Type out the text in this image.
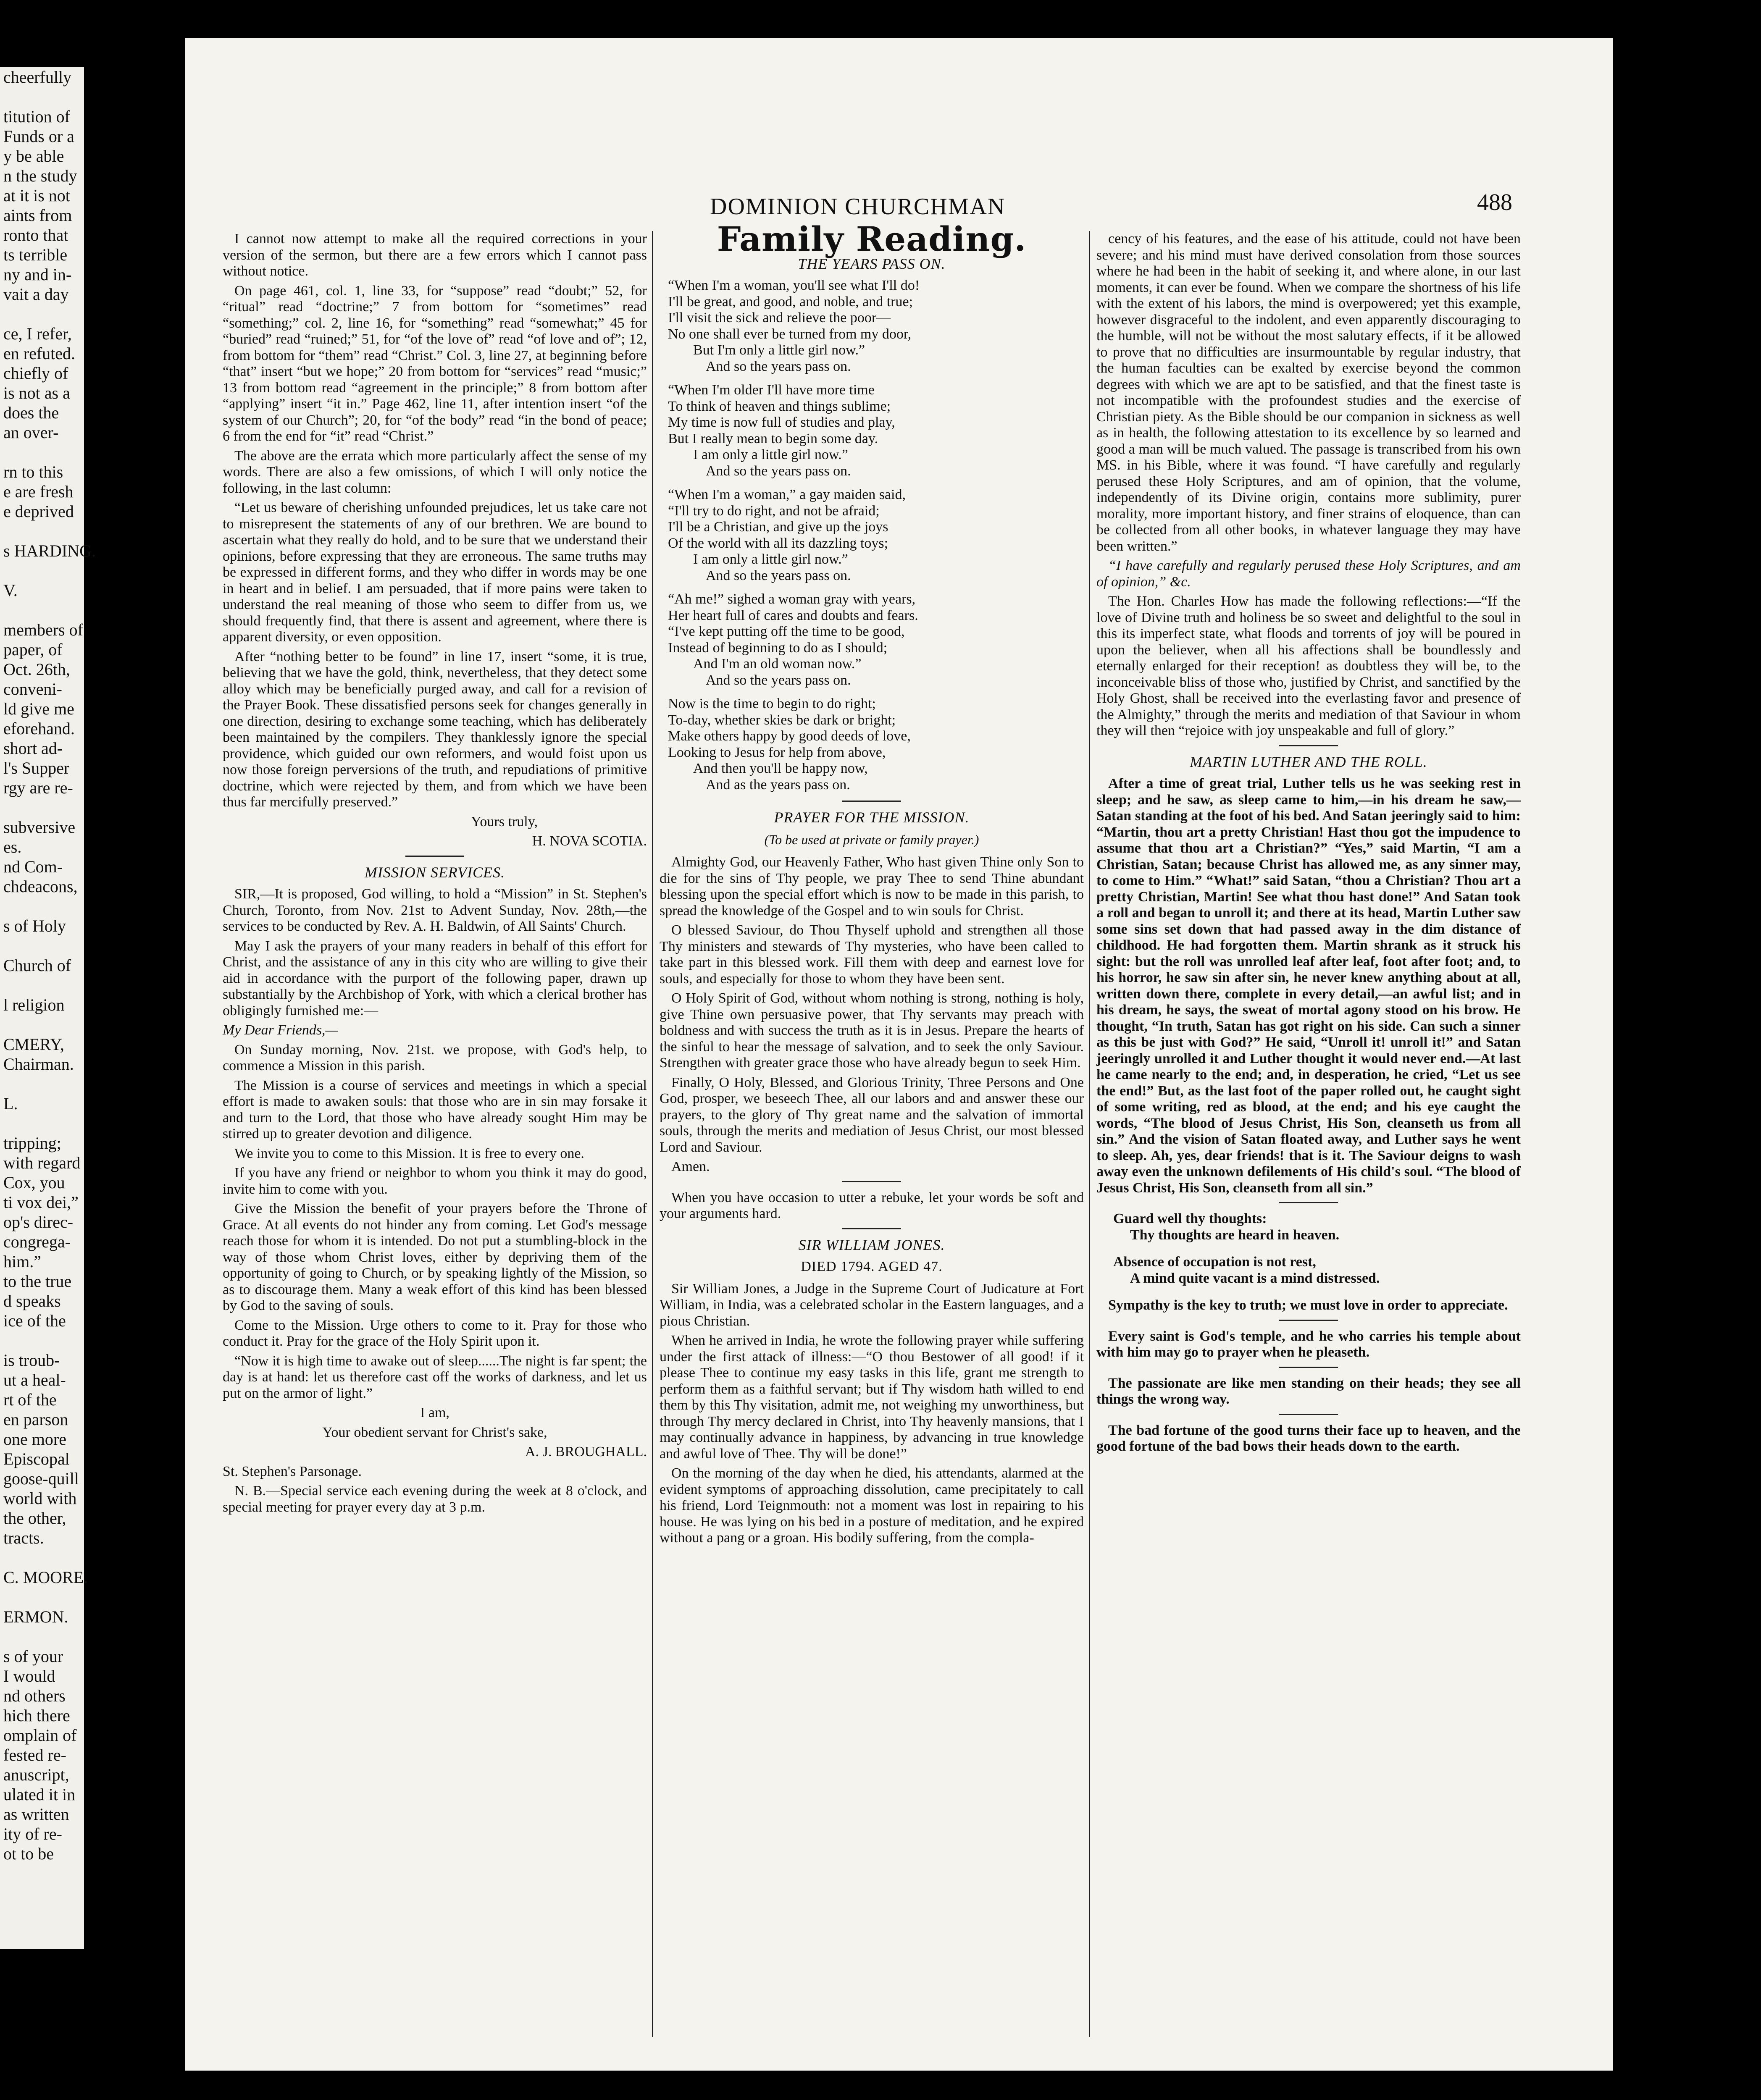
cheerfully

titution of

Funds or a

y be able

n the study

at it is not

aints from

ronto that

ts terrible

ny and in-

vait a day

ce, I refer,

en refuted.

chiefly of

is not as a

does the

an over-

rn to this

e are fresh

e deprived

s HARDING.

V.

members of

paper, of

Oct. 26th,

conveni-

ld give me

eforehand.

short ad-

l's Supper

rgy are re-

subversive

es.

nd Com-

chdeacons,

s of Holy

Church of

l religion

CMERY,

Chairman.

L.

tripping;

with regard

Cox, you

ti vox dei,”

op's direc-

congrega-

him.”

to the true

d speaks

ice of the

is troub-

ut a heal-

rt of the

en parson

one more

Episcopal

goose-quill

world with

the other,

tracts.

C. MOORE.

ERMON.

s of your

I would

nd others

hich there

omplain of

fested re-

anuscript,

ulated it in

as written

ity of re-

ot to be

DOMINION CHURCHMAN	488

I cannot now attempt to make all the required corrections in your version of the sermon, but there are a few errors which I cannot pass without notice.

On page 461, col. 1, line 33, for “suppose” read “doubt;” 52, for “ritual” read “doctrine;” 7 from bottom for “sometimes” read “something;” col. 2, line 16, for “something” read “somewhat;” 45 for “buried” read “ruined;” 51, for “of the love of” read “of love and of”; 12, from bottom for “them” read “Christ.” Col. 3, line 27, at beginning before “that” insert “but we hope;” 20 from bottom for “services” read “music;” 13 from bottom read “agreement in the principle;” 8 from bottom after “applying” insert “it in.” Page 462, line 11, after intention insert “of the system of our Church”; 20, for “of the body” read “in the bond of peace; 6 from the end for “it” read “Christ.”

The above are the errata which more particularly affect the sense of my words. There are also a few omissions, of which I will only notice the following, in the last column:

“Let us beware of cherishing unfounded prejudices, let us take care not to misrepresent the statements of any of our brethren. We are bound to ascertain what they really do hold, and to be sure that we understand their opinions, before expressing that they are erroneous. The same truths may be expressed in different forms, and they who differ in words may be one in heart and in belief. I am persuaded, that if more pains were taken to understand the real meaning of those who seem to differ from us, we should frequently find, that there is assent and agreement, where there is apparent diversity, or even opposition.

After “nothing better to be found” in line 17, insert “some, it is true, believing that we have the gold, think, nevertheless, that they detect some alloy which may be beneficially purged away, and call for a revision of the Prayer Book. These dissatisfied persons seek for changes generally in one direction, desiring to exchange some teaching, which has deliberately been maintained by the compilers. They thanklessly ignore the special providence, which guided our own reformers, and would foist upon us now those foreign perversions of the truth, and repudiations of primitive doctrine, which were rejected by them, and from which we have been thus far mercifully preserved.”

Yours truly,

H. NOVA SCOTIA.

MISSION SERVICES.

SIR,—It is proposed, God willing, to hold a “Mission” in St. Stephen's Church, Toronto, from Nov. 21st to Advent Sunday, Nov. 28th,—the services to be conducted by Rev. A. H. Baldwin, of All Saints' Church.

May I ask the prayers of your many readers in behalf of this effort for Christ, and the assistance of any in this city who are willing to give their aid in accordance with the purport of the following paper, drawn up substantially by the Archbishop of York, with which a clerical brother has obligingly furnished me:—

My Dear Friends,—

On Sunday morning, Nov. 21st. we propose, with God's help, to commence a Mission in this parish.

The Mission is a course of services and meetings in which a special effort is made to awaken souls: that those who are in sin may forsake it and turn to the Lord, that those who have already sought Him may be stirred up to greater devotion and diligence.

We invite you to come to this Mission. It is free to every one.

If you have any friend or neighbor to whom you think it may do good, invite him to come with you.

Give the Mission the benefit of your prayers before the Throne of Grace. At all events do not hinder any from coming. Let God's message reach those for whom it is intended. Do not put a stumbling-block in the way of those whom Christ loves, either by depriving them of the opportunity of going to Church, or by speaking lightly of the Mission, so as to discourage them. Many a weak effort of this kind has been blessed by God to the saving of souls.

Come to the Mission. Urge others to come to it. Pray for those who conduct it. Pray for the grace of the Holy Spirit upon it.

“Now it is high time to awake out of sleep......The night is far spent; the day is at hand: let us therefore cast off the works of darkness, and let us put on the armor of light.”

I am,

Your obedient servant for Christ's sake,

A. J. BROUGHALL.

St. Stephen's Parsonage.

N. B.—Special service each evening during the week at 8 o'clock, and special meeting for prayer every day at 3 p.m.

Family Reading.
THE YEARS PASS ON.
“When I'm a woman, you'll see what I'll do!
I'll be great, and good, and noble, and true;
I'll visit the sick and relieve the poor—
No one shall ever be turned from my door,
But I'm only a little girl now.”
And so the years pass on.
“When I'm older I'll have more time
To think of heaven and things sublime;
My time is now full of studies and play,
But I really mean to begin some day.
I am only a little girl now.”
And so the years pass on.
“When I'm a woman,” a gay maiden said,
“I'll try to do right, and not be afraid;
I'll be a Christian, and give up the joys
Of the world with all its dazzling toys;
I am only a little girl now.”
And so the years pass on.
“Ah me!” sighed a woman gray with years,
Her heart full of cares and doubts and fears.
“I've kept putting off the time to be good,
Instead of beginning to do as I should;
And I'm an old woman now.”
And so the years pass on.
Now is the time to begin to do right;
To-day, whether skies be dark or bright;
Make others happy by good deeds of love,
Looking to Jesus for help from above,
And then you'll be happy now,
And as the years pass on.
PRAYER FOR THE MISSION.
(To be used at private or family prayer.)

Almighty God, our Heavenly Father, Who hast given Thine only Son to die for the sins of Thy people, we pray Thee to send Thine abundant blessing upon the special effort which is now to be made in this parish, to spread the knowledge of the Gospel and to win souls for Christ.

O blessed Saviour, do Thou Thyself uphold and strengthen all those Thy ministers and stewards of Thy mysteries, who have been called to take part in this blessed work. Fill them with deep and earnest love for souls, and especially for those to whom they have been sent.

O Holy Spirit of God, without whom nothing is strong, nothing is holy, give Thine own persuasive power, that Thy servants may preach with boldness and with success the truth as it is in Jesus. Prepare the hearts of the sinful to hear the message of salvation, and to seek the only Saviour. Strengthen with greater grace those who have already begun to seek Him.

Finally, O Holy, Blessed, and Glorious Trinity, Three Persons and One God, prosper, we beseech Thee, all our labors and and answer these our prayers, to the glory of Thy great name and the salvation of immortal souls, through the merits and mediation of Jesus Christ, our most blessed Lord and Saviour.

Amen.

When you have occasion to utter a rebuke, let your words be soft and your arguments hard.

SIR WILLIAM JONES.
DIED 1794. AGED 47.

Sir William Jones, a Judge in the Supreme Court of Judicature at Fort William, in India, was a celebrated scholar in the Eastern languages, and a pious Christian.

When he arrived in India, he wrote the following prayer while suffering under the first attack of illness:—“O thou Bestower of all good! if it please Thee to continue my easy tasks in this life, grant me strength to perform them as a faithful servant; but if Thy wisdom hath willed to end them by this Thy visitation, admit me, not weighing my unworthiness, but through Thy mercy declared in Christ, into Thy heavenly mansions, that I may continually advance in happiness, by advancing in true knowledge and awful love of Thee. Thy will be done!”

On the morning of the day when he died, his attendants, alarmed at the evident symptoms of approaching dissolution, came precipitately to call his friend, Lord Teignmouth: not a moment was lost in repairing to his house. He was lying on his bed in a posture of meditation, and he expired without a pang or a groan. His bodily suffering, from the compla-

cency of his features, and the ease of his attitude, could not have been severe; and his mind must have derived consolation from those sources where he had been in the habit of seeking it, and where alone, in our last moments, it can ever be found. When we compare the shortness of his life with the extent of his labors, the mind is overpowered; yet this example, however disgraceful to the indolent, and even apparently discouraging to the humble, will not be without the most salutary effects, if it be allowed to prove that no difficulties are insurmountable by regular industry, that the human faculties can be exalted by exercise beyond the common degrees with which we are apt to be satisfied, and that the finest taste is not incompatible with the profoundest studies and the exercise of Christian piety. As the Bible should be our companion in sickness as well as in health, the following attestation to its excellence by so learned and good a man will be much valued. The passage is transcribed from his own MS. in his Bible, where it was found. “I have carefully and regularly perused these Holy Scriptures, and am of opinion, that the volume, independently of its Divine origin, contains more sublimity, purer morality, more important history, and finer strains of eloquence, than can be collected from all other books, in whatever language they may have been written.”

“I have carefully and regularly perused these Holy Scriptures, and am of opinion,” &c.

The Hon. Charles How has made the following reflections:—“If the love of Divine truth and holiness be so sweet and delightful to the soul in this its imperfect state, what floods and torrents of joy will be poured in upon the believer, when all his affections shall be boundlessly and eternally enlarged for their reception! as doubtless they will be, to the inconceivable bliss of those who, justified by Christ, and sanctified by the Holy Ghost, shall be received into the everlasting favor and presence of the Almighty,” through the merits and mediation of that Saviour in whom they will then “rejoice with joy unspeakable and full of glory.”

MARTIN LUTHER AND THE ROLL.

After a time of great trial, Luther tells us he was seeking rest in sleep; and he saw, as sleep came to him,—in his dream he saw,—Satan standing at the foot of his bed. And Satan jeeringly said to him: “Martin, thou art a pretty Christian! Hast thou got the impudence to assume that thou art a Christian?” “Yes,” said Martin, “I am a Christian, Satan; because Christ has allowed me, as any sinner may, to come to Him.” “What!” said Satan, “thou a Christian? Thou art a pretty Christian, Martin! See what thou hast done!” And Satan took a roll and began to unroll it; and there at its head, Martin Luther saw some sins set down that had passed away in the dim distance of childhood. He had forgotten them. Martin shrank as it struck his sight: but the roll was unrolled leaf after leaf, foot after foot; and, to his horror, he saw sin after sin, he never knew anything about at all, written down there, complete in every detail,—an awful list; and in his dream, he says, the sweat of mortal agony stood on his brow. He thought, “In truth, Satan has got right on his side. Can such a sinner as this be just with God?” He said, “Unroll it! unroll it!” and Satan jeeringly unrolled it and Luther thought it would never end.—At last he came nearly to the end; and, in desperation, he cried, “Let us see the end!” But, as the last foot of the paper rolled out, he caught sight of some writing, red as blood, at the end; and his eye caught the words, “The blood of Jesus Christ, His Son, cleanseth us from all sin.” And the vision of Satan floated away, and Luther says he went to sleep. Ah, yes, dear friends! that is it. The Saviour deigns to wash away even the unknown defilements of His child's soul. “The blood of Jesus Christ, His Son, cleanseth from all sin.”

Guard well thy thoughts:
Thy thoughts are heard in heaven.
Absence of occupation is not rest,
A mind quite vacant is a mind distressed.

Sympathy is the key to truth; we must love in order to appreciate.

Every saint is God's temple, and he who carries his temple about with him may go to prayer when he pleaseth.

The passionate are like men standing on their heads; they see all things the wrong way.

The bad fortune of the good turns their face up to heaven, and the good fortune of the bad bows their heads down to the earth.
